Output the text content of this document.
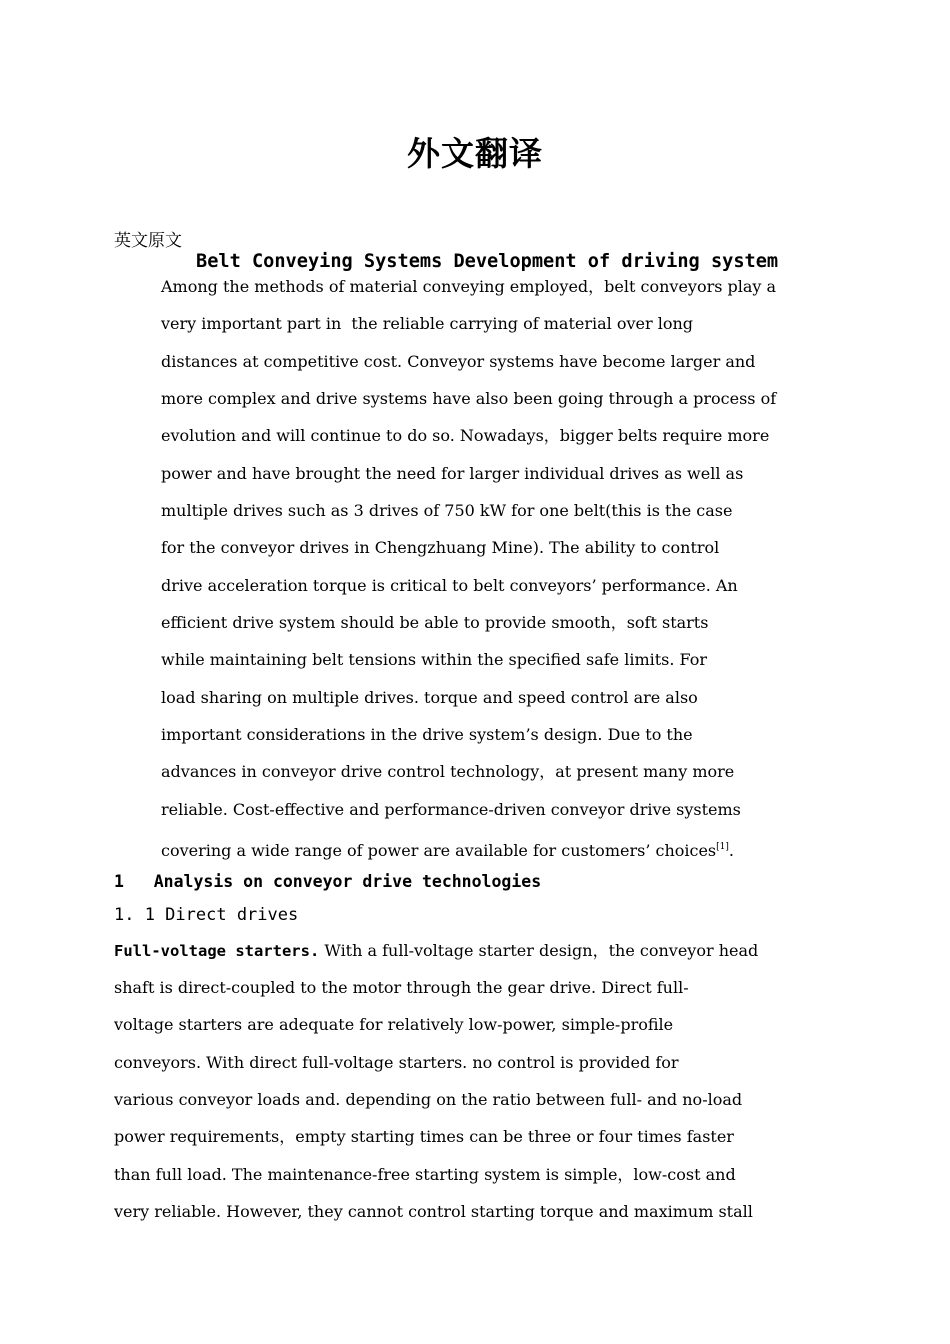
外文翻译
英文原文
Belt Conveying Systems Development of driving system
Among the methods of material conveying employed，belt conveyors play a
very important part in  the reliable carrying of material over long
distances at competitive cost. Conveyor systems have become larger and
more complex and drive systems have also been going through a process of
evolution and will continue to do so. Nowadays，bigger belts require more
power and have brought the need for larger individual drives as well as
multiple drives such as 3 drives of 750 kW for one belt(this is the case
for the conveyor drives in Chengzhuang Mine). The ability to control
drive acceleration torque is critical to belt conveyors’ performance. An
efficient drive system should be able to provide smooth，soft starts
while maintaining belt tensions within the specified safe limits. For
load sharing on multiple drives. torque and speed control are also
important considerations in the drive system’s design. Due to the
advances in conveyor drive control technology，at present many more
reliable. Cost-effective and performance-driven conveyor drive systems
covering a wide range of power are available for customers’ choices[1].
1   Analysis on conveyor drive technologies
1. 1 Direct drives
Full-voltage starters. With a full-voltage starter design，the conveyor head
shaft is direct-coupled to the motor through the gear drive. Direct full-
voltage starters are adequate for relatively low-power, simple-profile
conveyors. With direct full-voltage starters. no control is provided for
various conveyor loads and. depending on the ratio between full- and no-load
power requirements，empty starting times can be three or four times faster
than full load. The maintenance-free starting system is simple，low-cost and
very reliable. However, they cannot control starting torque and maximum stall
